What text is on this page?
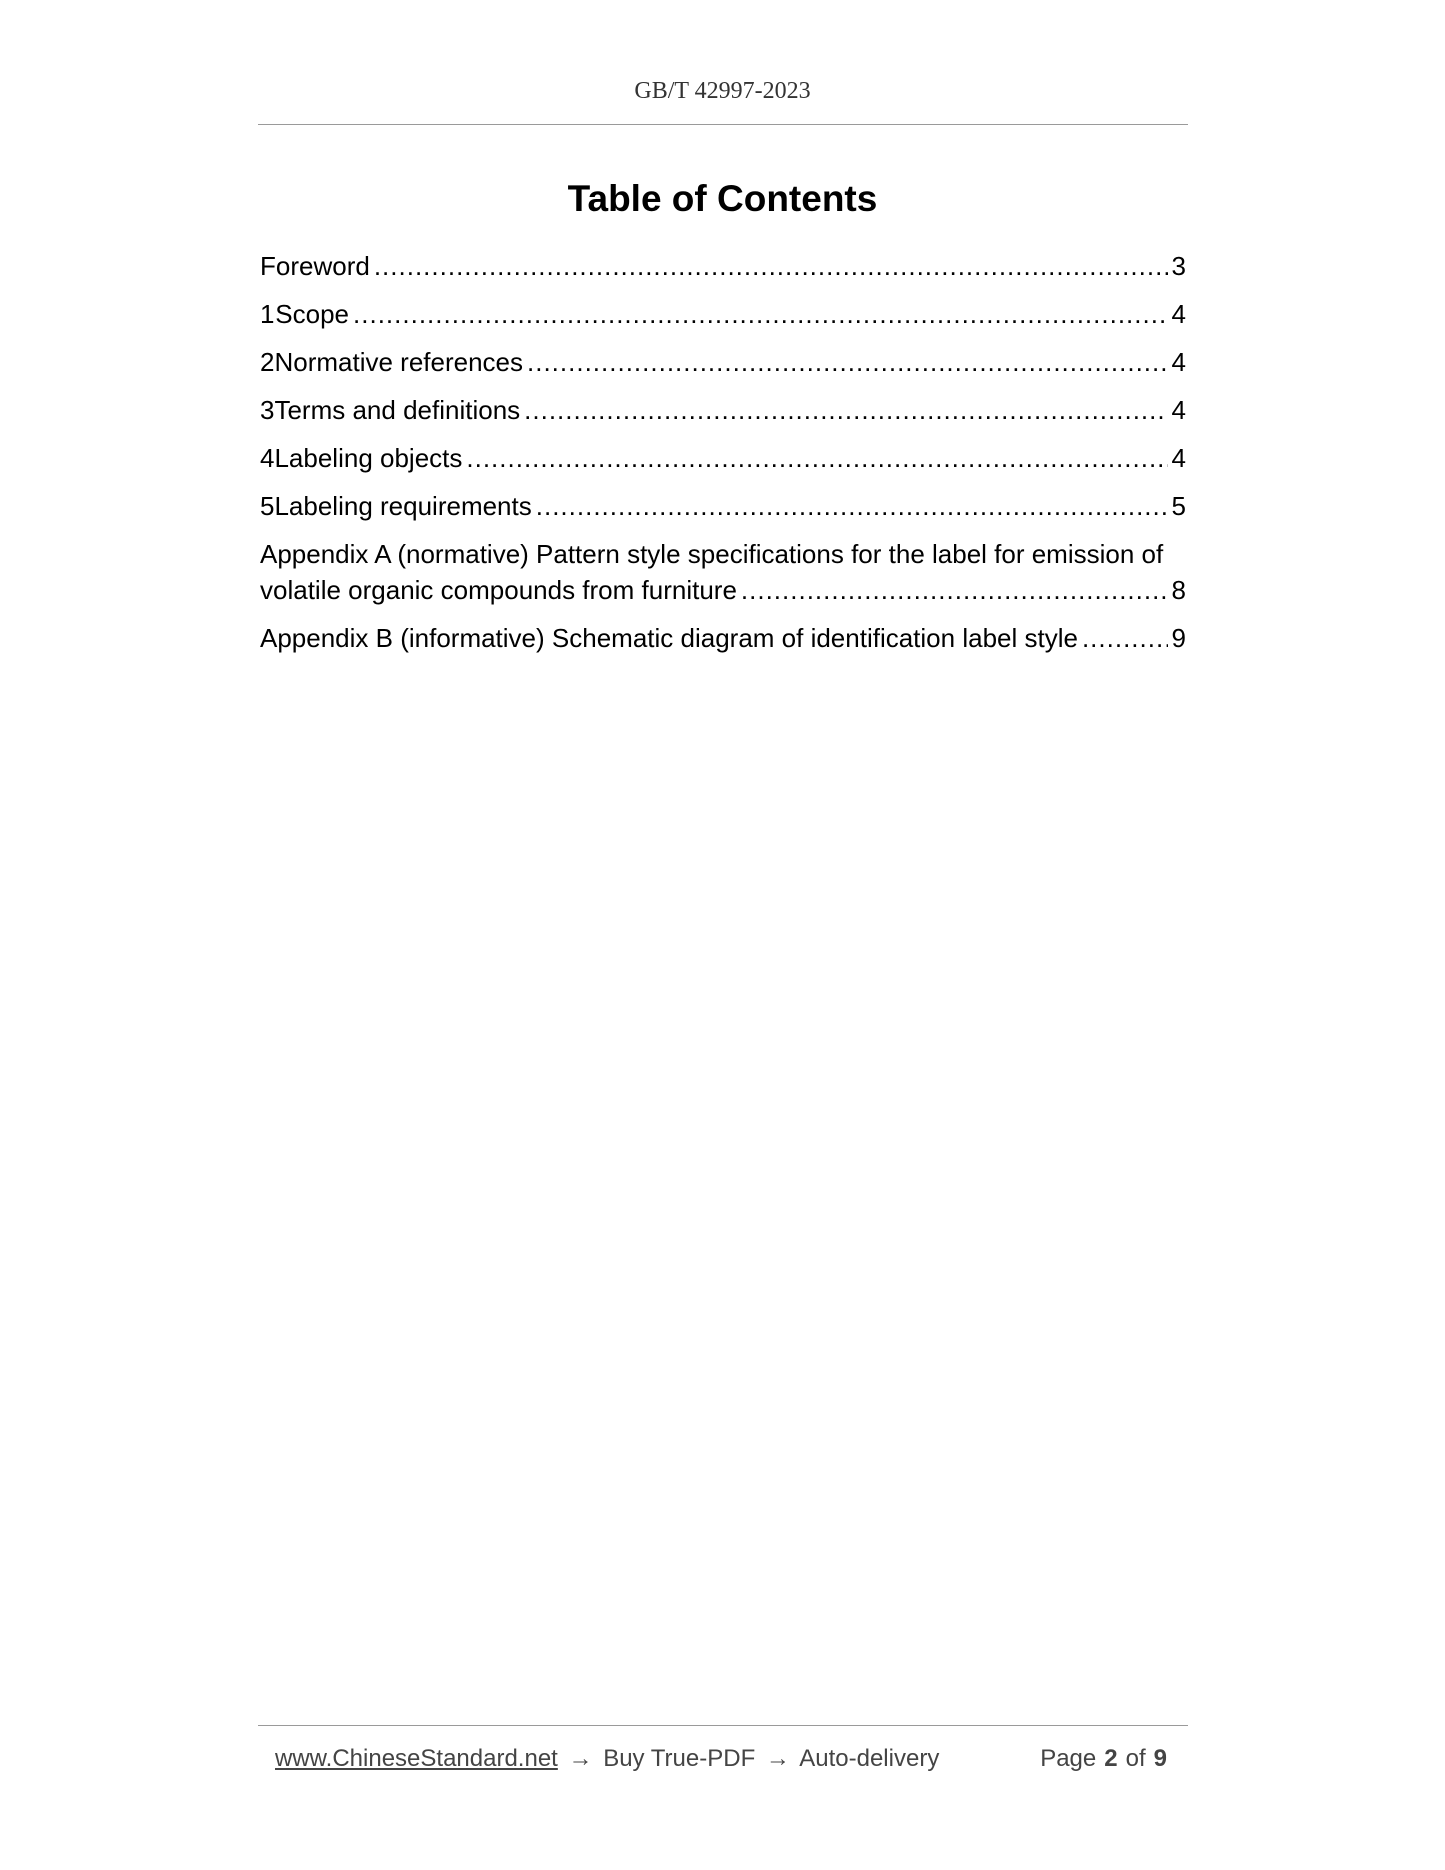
GB/T 42997-2023
Table of Contents
Foreword .....	3
1 Scope .....	4
2 Normative references .....	4
3 Terms and definitions .....	4
4 Labeling objects .....	4
5 Labeling requirements .....	5
Appendix A (normative) Pattern style specifications for the label for emission of
volatile organic compounds from furniture .....	8
Appendix B (informative) Schematic diagram of identification label style .....	9
www.ChineseStandard.net → Buy True-PDF → Auto-delivery	Page 2 of 9
